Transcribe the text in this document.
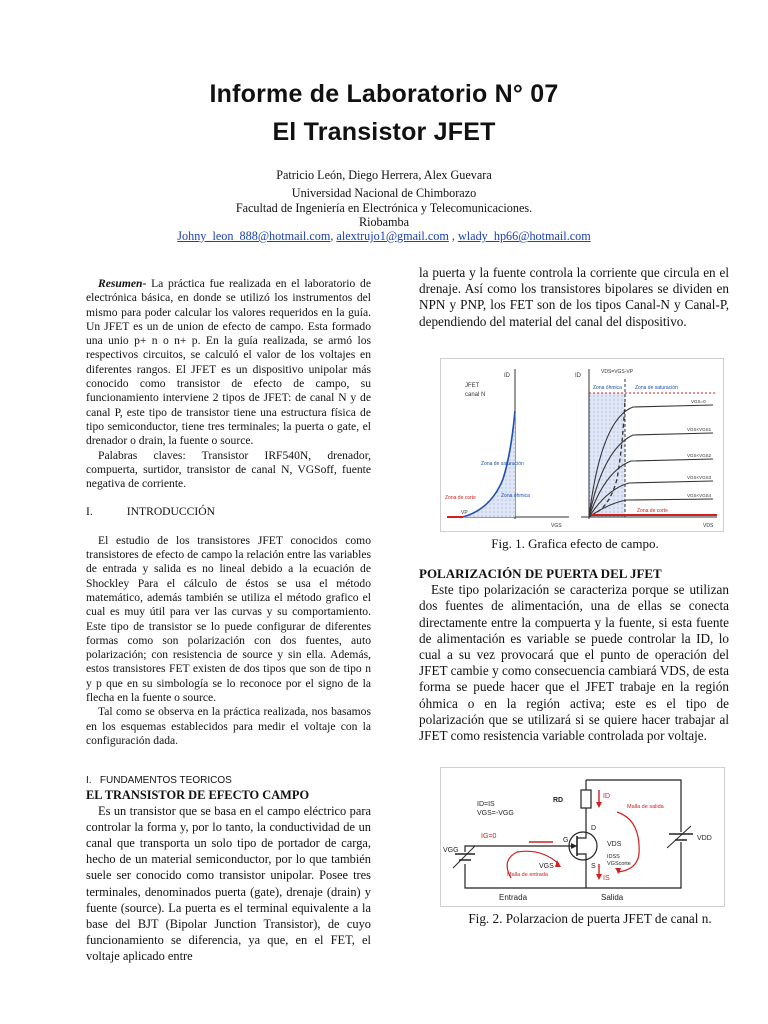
Informe de Laboratorio N° 07
El Transistor JFET
Patricio León, Diego Herrera, Alex Guevara
Universidad Nacional de Chimborazo
Facultad de Ingeniería en Electrónica y Telecomunicaciones.
Riobamba
Johny_leon_888@hotmail.com, alextrujo1@gmail.com , wlady_hp66@hotmail.com

Resumen- La práctica fue realizada en el laboratorio de electrónica básica, en donde se utilizó los instrumentos del mismo para poder calcular los valores requeridos en la guía. Un JFET es un de union de efecto de campo. Esta formado una unio p+ n o n+ p. En la guía realizada, se armó los respectivos circuitos, se calculó el valor de los voltajes en diferentes rangos. El JFET es un dispositivo unipolar más conocido como transistor de efecto de campo, su funcionamiento interviene 2 tipos de JFET: de canal N y de canal P, este tipo de transistor tiene una estructura física de tipo semiconductor, tiene tres terminales; la puerta o gate, el drenador o drain, la fuente o source.

Palabras claves: Transistor IRF540N, drenador, compuerta, surtidor, transistor de canal N, VGSoff, fuente negativa de corriente.

I.	INTRODUCCIÓN

El estudio de los transistores JFET conocidos como transistores de efecto de campo la relación entre las variables de entrada y salida es no lineal debido a la ecuación de Shockley Para el cálculo de éstos se usa el método matemático, además también se utiliza el método grafico el cual es muy útil para ver las curvas y su comportamiento. Este tipo de transistor se lo puede configurar de diferentes formas como son polarización con dos fuentes, auto polarización; con resistencia de source y sin ella. Además, estos transistores FET existen de dos tipos que son de tipo n y p que en su simbología se lo reconoce por el signo de la flecha en la fuente o source.

Tal como se observa en la práctica realizada, nos basamos en los esquemas establecidos para medir el voltaje con la configuración dada.

I. FUNDAMENTOS TEORICOS

EL TRANSISTOR DE EFECTO CAMPO

Es un transistor que se basa en el campo eléctrico para controlar la forma y, por lo tanto, la conductividad de un canal que transporta un solo tipo de portador de carga, hecho de un material semiconductor, por lo que también suele ser conocido como transistor unipolar. Posee tres terminales, denominados puerta (gate), drenaje (drain) y fuente (source). La puerta es el terminal equivalente a la base del BJT (Bipolar Junction Transistor), de cuyo funcionamiento se diferencia, ya que, en el FET, el voltaje aplicado entre

la puerta y la fuente controla la corriente que circula en el drenaje. Así como los transistores bipolares se dividen en NPN y PNP, los FET son de los tipos Canal-N y Canal-P, dependiendo del material del canal del dispositivo.

JFET
canal N
ID
Zona de saturación
Zona óhmica
Zona de corte
VP
VGS
ID
VDS=VGS-VP
Zona óhmica	Zona de saturación
VGS=0
VGS<VGS1
VGS<VGS2
VGS<VGS3
VGS<VGS4
Zona de corte
VDS
Fig. 1. Grafica efecto de campo.

POLARIZACIÓN DE PUERTA DEL JFET

Este tipo polarización se caracteriza porque se utilizan dos fuentes de alimentación, una de ellas se conecta directamente entre la compuerta y la fuente, si esta fuente de alimentación es variable se puede controlar la ID, lo cual a su vez provocará que el punto de operación del JFET cambie y como consecuencia cambiará VDS, de esta forma se puede hacer que el JFET trabaje en la región óhmica o en la región activa; este es el tipo de polarización que se utilizará si se quiere hacer trabajar al JFET como resistencia variable controlada por voltaje.

RD
ID
ID=IS
VGS=-VGG
IG=0
Malla de salida
D
G
S
VDS
IDSS
VGScorte
VGS
IS
VDD
VGG
Malla de entrada
Entrada	Salida
Fig. 2. Polarzacion de puerta JFET de canal n.
